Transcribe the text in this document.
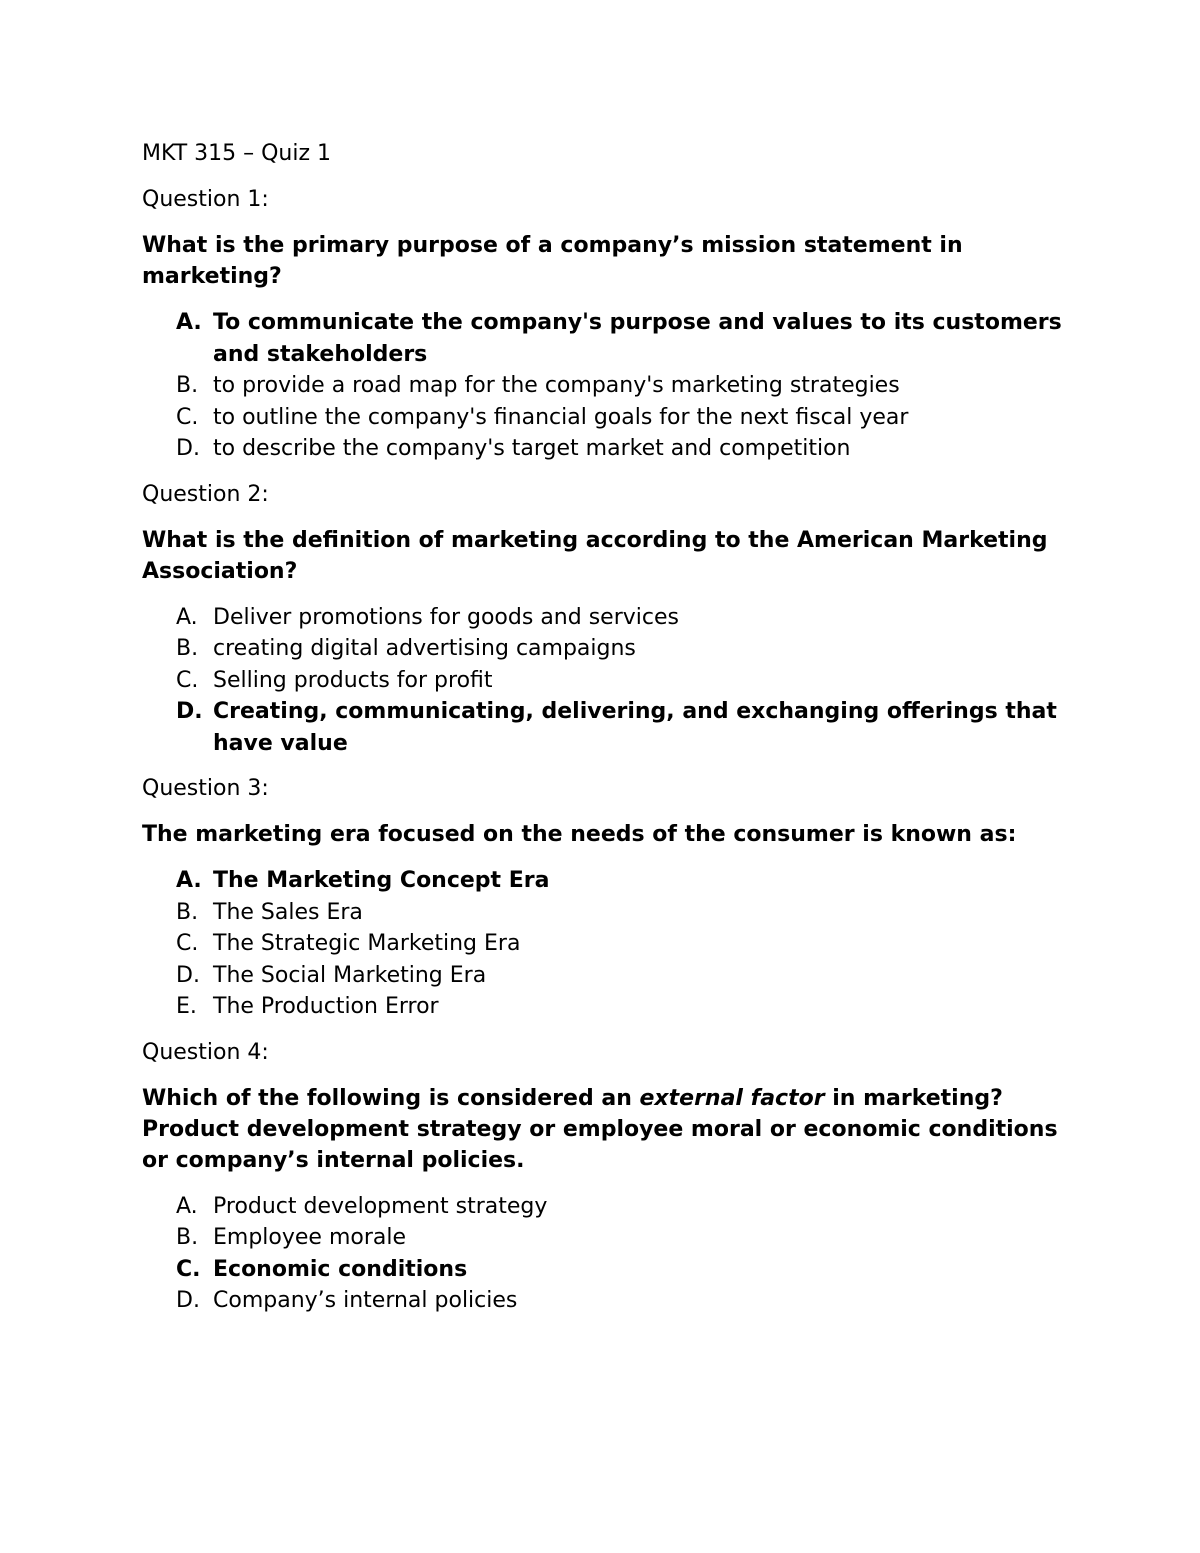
MKT 315 – Quiz 1

Question 1:

What is the primary purpose of a company’s mission statement in marketing?

A. To communicate the company's purpose and values to its customers and stakeholders
B. to provide a road map for the company's marketing strategies
C. to outline the company's financial goals for the next fiscal year
D. to describe the company's target market and competition

Question 2:

What is the definition of marketing according to the American Marketing Association?

A. Deliver promotions for goods and services
B. creating digital advertising campaigns
C. Selling products for profit
D. Creating, communicating, delivering, and exchanging offerings that have value

Question 3:

The marketing era focused on the needs of the consumer is known as:

A. The Marketing Concept Era
B. The Sales Era
C. The Strategic Marketing Era
D. The Social Marketing Era
E. The Production Error

Question 4:

Which of the following is considered an external factor in marketing? Product development strategy or employee moral or economic conditions or company’s internal policies.

A. Product development strategy
B. Employee morale
C. Economic conditions
D. Company’s internal policies
